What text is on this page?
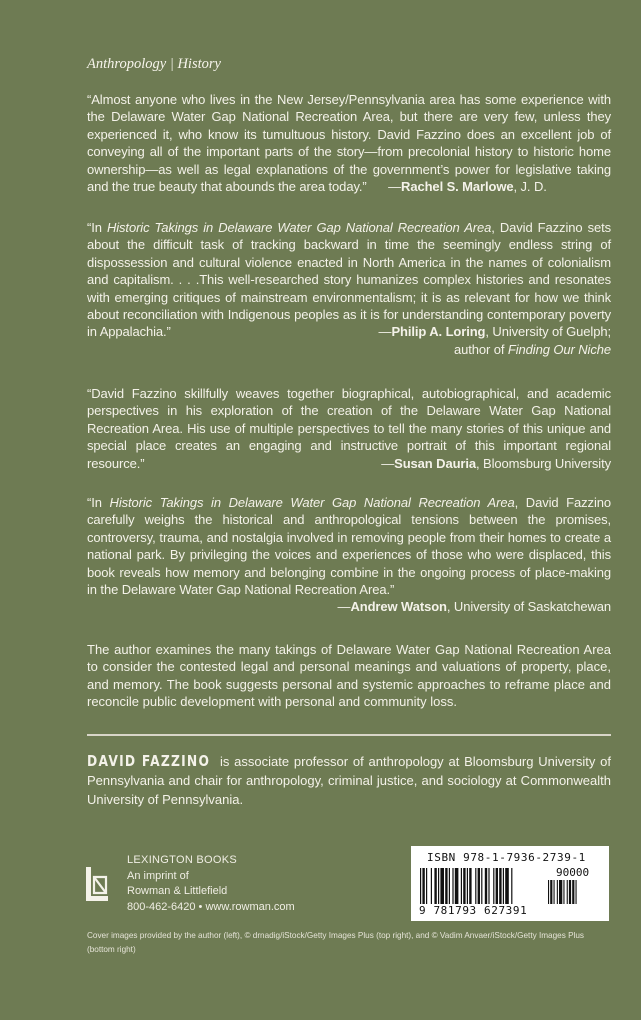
Anthropology | History
“Almost anyone who lives in the New Jersey/Pennsylvania area has some experience with the Delaware Water Gap National Recreation Area, but there are very few, unless they experienced it, who know its tumultuous history. David Fazzino does an excellent job of conveying all of the important parts of the story—from precolonial history to historic home ownership—as well as legal explanations of the government’s power for legislative taking and the true beauty that abounds the area today.” —Rachel S. Marlowe, J. D.
“In Historic Takings in Delaware Water Gap National Recreation Area, David Fazzino sets about the difficult task of tracking backward in time the seemingly endless string of dispossession and cultural violence enacted in North America in the names of colonialism and capitalism. . . .This well-researched story humanizes complex histories and resonates with emerging critiques of mainstream environmentalism; it is as relevant for how we think about reconciliation with Indigenous peoples as it is for understanding contemporary poverty in Appalachia.”	—Philip A. Loring, University of Guelph;
author of Finding Our Niche
“David Fazzino skillfully weaves together biographical, autobiographical, and academic perspectives in his exploration of the creation of the Delaware Water Gap National Recreation Area. His use of multiple perspectives to tell the many stories of this unique and special place creates an engaging and instructive portrait of this important regional resource.”	—Susan Dauria, Bloomsburg University
“In Historic Takings in Delaware Water Gap National Recreation Area, David Fazzino carefully weighs the historical and anthropological tensions between the promises, controversy, trauma, and nostalgia involved in removing people from their homes to create a national park. By privileging the voices and experiences of those who were displaced, this book reveals how memory and belonging combine in the ongoing process of place-making in the Delaware Water Gap National Recreation Area.”
—Andrew Watson, University of Saskatchewan
The author examines the many takings of Delaware Water Gap National Recreation Area to consider the contested legal and personal meanings and valuations of property, place, and memory. The book suggests personal and systemic approaches to reframe place and reconcile public development with personal and community loss.
DAVID FAZZINO is associate professor of anthropology at Bloomsburg University of Pennsylvania and chair for anthropology, criminal justice, and sociology at Commonwealth University of Pennsylvania.
LEXINGTON BOOKS
An imprint of
Rowman & Littlefield
800-462-6420 • www.rowman.com
ISBN 978-1-7936-2739-1
90000
9 781793 627391
Cover images provided by the author (left), © drnadig/iStock/Getty Images Plus (top right), and © Vadim Anvaer/iStock/Getty Images Plus (bottom right)
